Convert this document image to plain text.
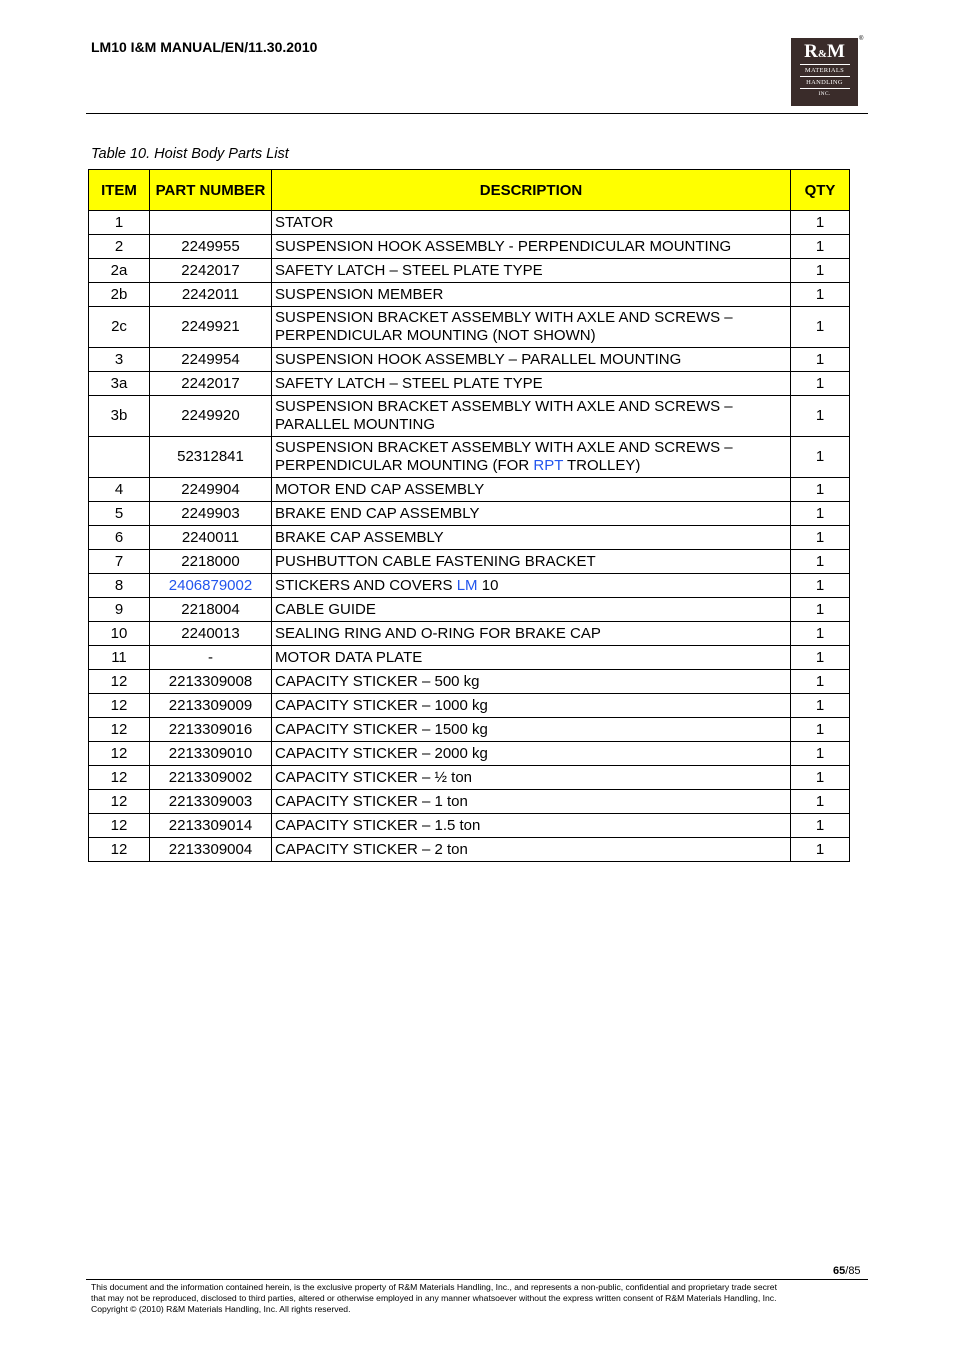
LM10 I&M MANUAL/EN/11.30.2010	R&M
MATERIALS
HANDLING
INC.
®
Table 10. Hoist Body Parts List
ITEM	PART NUMBER	DESCRIPTION	QTY
1		STATOR	1
2	2249955	SUSPENSION HOOK ASSEMBLY - PERPENDICULAR MOUNTING	1
2a	2242017	SAFETY LATCH – STEEL PLATE TYPE	1
2b	2242011	SUSPENSION MEMBER	1
2c	2249921	SUSPENSION BRACKET ASSEMBLY WITH AXLE AND SCREWS – PERPENDICULAR MOUNTING (NOT SHOWN)	1
3	2249954	SUSPENSION HOOK ASSEMBLY – PARALLEL MOUNTING	1
3a	2242017	SAFETY LATCH – STEEL PLATE TYPE	1
3b	2249920	SUSPENSION BRACKET ASSEMBLY WITH AXLE AND SCREWS – PARALLEL MOUNTING	1
	52312841	SUSPENSION BRACKET ASSEMBLY WITH AXLE AND SCREWS – PERPENDICULAR MOUNTING (FOR RPT TROLLEY)	1
4	2249904	MOTOR END CAP ASSEMBLY	1
5	2249903	BRAKE END CAP ASSEMBLY	1
6	2240011	BRAKE CAP ASSEMBLY	1
7	2218000	PUSHBUTTON CABLE FASTENING BRACKET	1
8	2406879002	STICKERS AND COVERS LM 10	1
9	2218004	CABLE GUIDE	1
10	2240013	SEALING RING AND O-RING FOR BRAKE CAP	1
11	-	MOTOR DATA PLATE	1
12	2213309008	CAPACITY STICKER – 500 kg	1
12	2213309009	CAPACITY STICKER – 1000 kg	1
12	2213309016	CAPACITY STICKER – 1500 kg	1
12	2213309010	CAPACITY STICKER – 2000 kg	1
12	2213309002	CAPACITY STICKER – ½ ton	1
12	2213309003	CAPACITY STICKER – 1 ton	1
12	2213309014	CAPACITY STICKER – 1.5 ton	1
12	2213309004	CAPACITY STICKER – 2 ton	1
65/85
This document and the information contained herein, is the exclusive property of R&M Materials Handling, Inc., and represents a non-public, confidential and proprietary trade secret
that may not be reproduced, disclosed to third parties, altered or otherwise employed in any manner whatsoever without the express written consent of R&M Materials Handling, Inc.
Copyright © (2010) R&M Materials Handling, Inc. All rights reserved.
